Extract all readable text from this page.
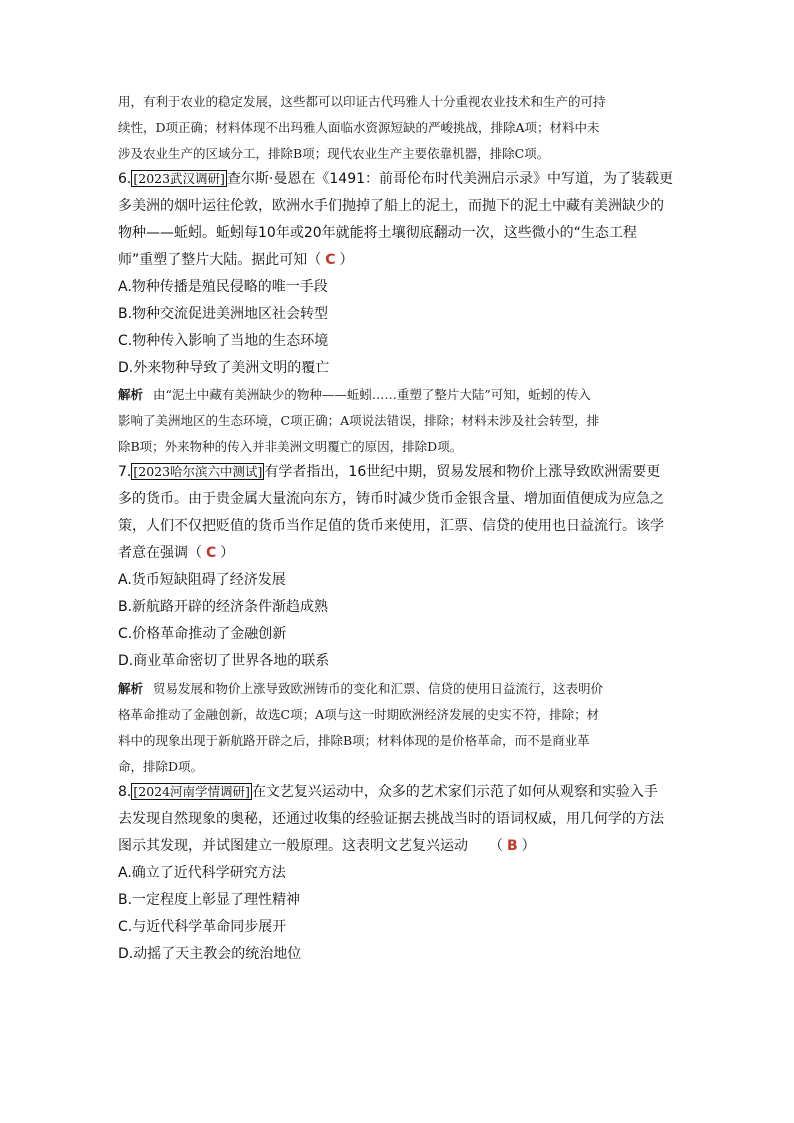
用，有利于农业的稳定发展，这些都可以印证古代玛雅人十分重视农业技术和生产的可持
续性，D项正确；材料体现不出玛雅人面临水资源短缺的严峻挑战，排除A项；材料中未
涉及农业生产的区域分工，排除B项；现代农业生产主要依靠机器，排除C项。
6. [2023武汉调研] 查尔斯·曼恩在《1491：前哥伦布时代美洲启示录》中写道，为了装载更
多美洲的烟叶运往伦敦，欧洲水手们抛掉了船上的泥土，而抛下的泥土中藏有美洲缺少的
物种——蚯蚓。蚯蚓每10年或20年就能将土壤彻底翻动一次，这些微小的“生态工程
师”重塑了整片大陆。据此可知（ C ）
A.物种传播是殖民侵略的唯一手段
B.物种交流促进美洲地区社会转型
C.物种传入影响了当地的生态环境
D.外来物种导致了美洲文明的覆亡
解析 由“泥土中藏有美洲缺少的物种——蚯蚓……重塑了整片大陆”可知，蚯蚓的传入
影响了美洲地区的生态环境，C项正确；A项说法错误，排除；材料未涉及社会转型，排
除B项；外来物种的传入并非美洲文明覆亡的原因，排除D项。
7. [2023哈尔滨六中测试] 有学者指出，16世纪中期，贸易发展和物价上涨导致欧洲需要更
多的货币。由于贵金属大量流向东方，铸币时减少货币金银含量、增加面值便成为应急之
策，人们不仅把贬值的货币当作足值的货币来使用，汇票、信贷的使用也日益流行。该学
者意在强调（ C ）
A.货币短缺阻碍了经济发展
B.新航路开辟的经济条件渐趋成熟
C.价格革命推动了金融创新
D.商业革命密切了世界各地的联系
解析 贸易发展和物价上涨导致欧洲铸币的变化和汇票、信贷的使用日益流行，这表明价
格革命推动了金融创新，故选C项；A项与这一时期欧洲经济发展的史实不符，排除；材
料中的现象出现于新航路开辟之后，排除B项；材料体现的是价格革命，而不是商业革
命，排除D项。
8. [2024河南学情调研] 在文艺复兴运动中，众多的艺术家们示范了如何从观察和实验入手
去发现自然现象的奥秘，还通过收集的经验证据去挑战当时的语词权威，用几何学的方法
图示其发现，并试图建立一般原理。这表明文艺复兴运动　　（ B ）
A.确立了近代科学研究方法
B.一定程度上彰显了理性精神
C.与近代科学革命同步展开
D.动摇了天主教会的统治地位
